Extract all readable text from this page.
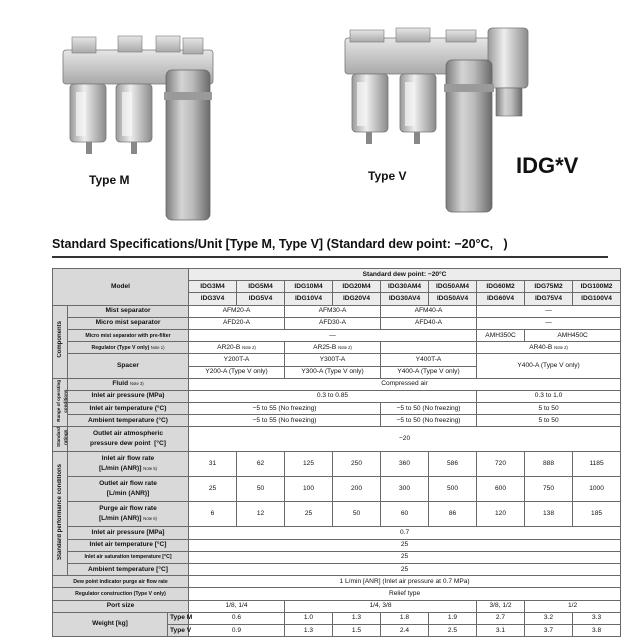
Type M	Type V	IDG*V
Standard Specifications/Unit [Type M, Type V] (Standard dew point: −20°C,   )
Model			Standard dew point: −20°C								
			IDG3M4	IDG5M4	IDG10M4	IDG20M4	IDG30AM4	IDG50AM4	IDG60M2	IDG75M2	IDG100M2
			IDG3V4	IDG5V4	IDG10V4	IDG20V4	IDG30AV4	IDG50AV4	IDG60V4	IDG75V4	IDG100V4
Components	Mist separator		AFM20-A		AFM30-A		AFM40-A		—		
	Micro mist separator		AFD20-A		AFD30-A		AFD40-A		—		
	Micro mist separator with pre-filter		—						AMH350C	AMH450C	
	Regulator (Type V only) $^{Note 1)}$		AR20-B $^{Note 2)}$		AR25-B $^{Note 2)}$				AR40-B $^{Note 2)}$
	Spacer		Y200T-A		Y300T-A		Y400T-A		Y400-A (Type V only)		
			Y200-A (Type V only)		Y300-A (Type V only)		Y400-A (Type V only)				
Range of operating conditions	Fluid $^{Note 3)}$		Compressed air								
	Inlet air pressure (MPa)		0.3 to 0.85						0.3 to 1.0		
	Inlet air temperature (°C)		−5 to 55 (No freezing)				−5 to 50 (No freezing)		5 to 50		
	Ambient temperature (°C)		−5 to 55 (No freezing)				−5 to 50 (No freezing)		5 to 50		
Standard ratings	Outlet air atmospheric
pressure dew point  [°C]		−20								
Standard performance conditions	Inlet air flow rate
[L/min (ANR)] $^{Note 5)}$		31	62	125	250	360	586	720	888	1185

	Outlet air flow rate
[L/min (ANR)]		25	50	100	200	300	500	600	750	1000

	Purge air flow rate
[L/min (ANR)] $^{Note 6)}$		6	12	25	50	60	86	120	138	185
	Inlet air pressure [MPa]		0.7								
	Inlet air temperature [°C]		25								
	Inlet air saturation temperature [°C]		25								
	Ambient temperature [°C]		25								
Dew point indicator purge air flow rate			1 L/min [ANR] (Inlet air pressure at 0.7 MPa)								
Regulator construction (Type V only)			Relief type								
Port size			1/8, 1/4		1/4, 3/8				3/8, 1/2	1/2	
Weight [kg]		Type M	0.6		1.0	1.3	1.8	1.9	2.7	3.2	3.3
		Type V	0.9		1.3	1.5	2.4	2.5	3.1	3.7	3.8
